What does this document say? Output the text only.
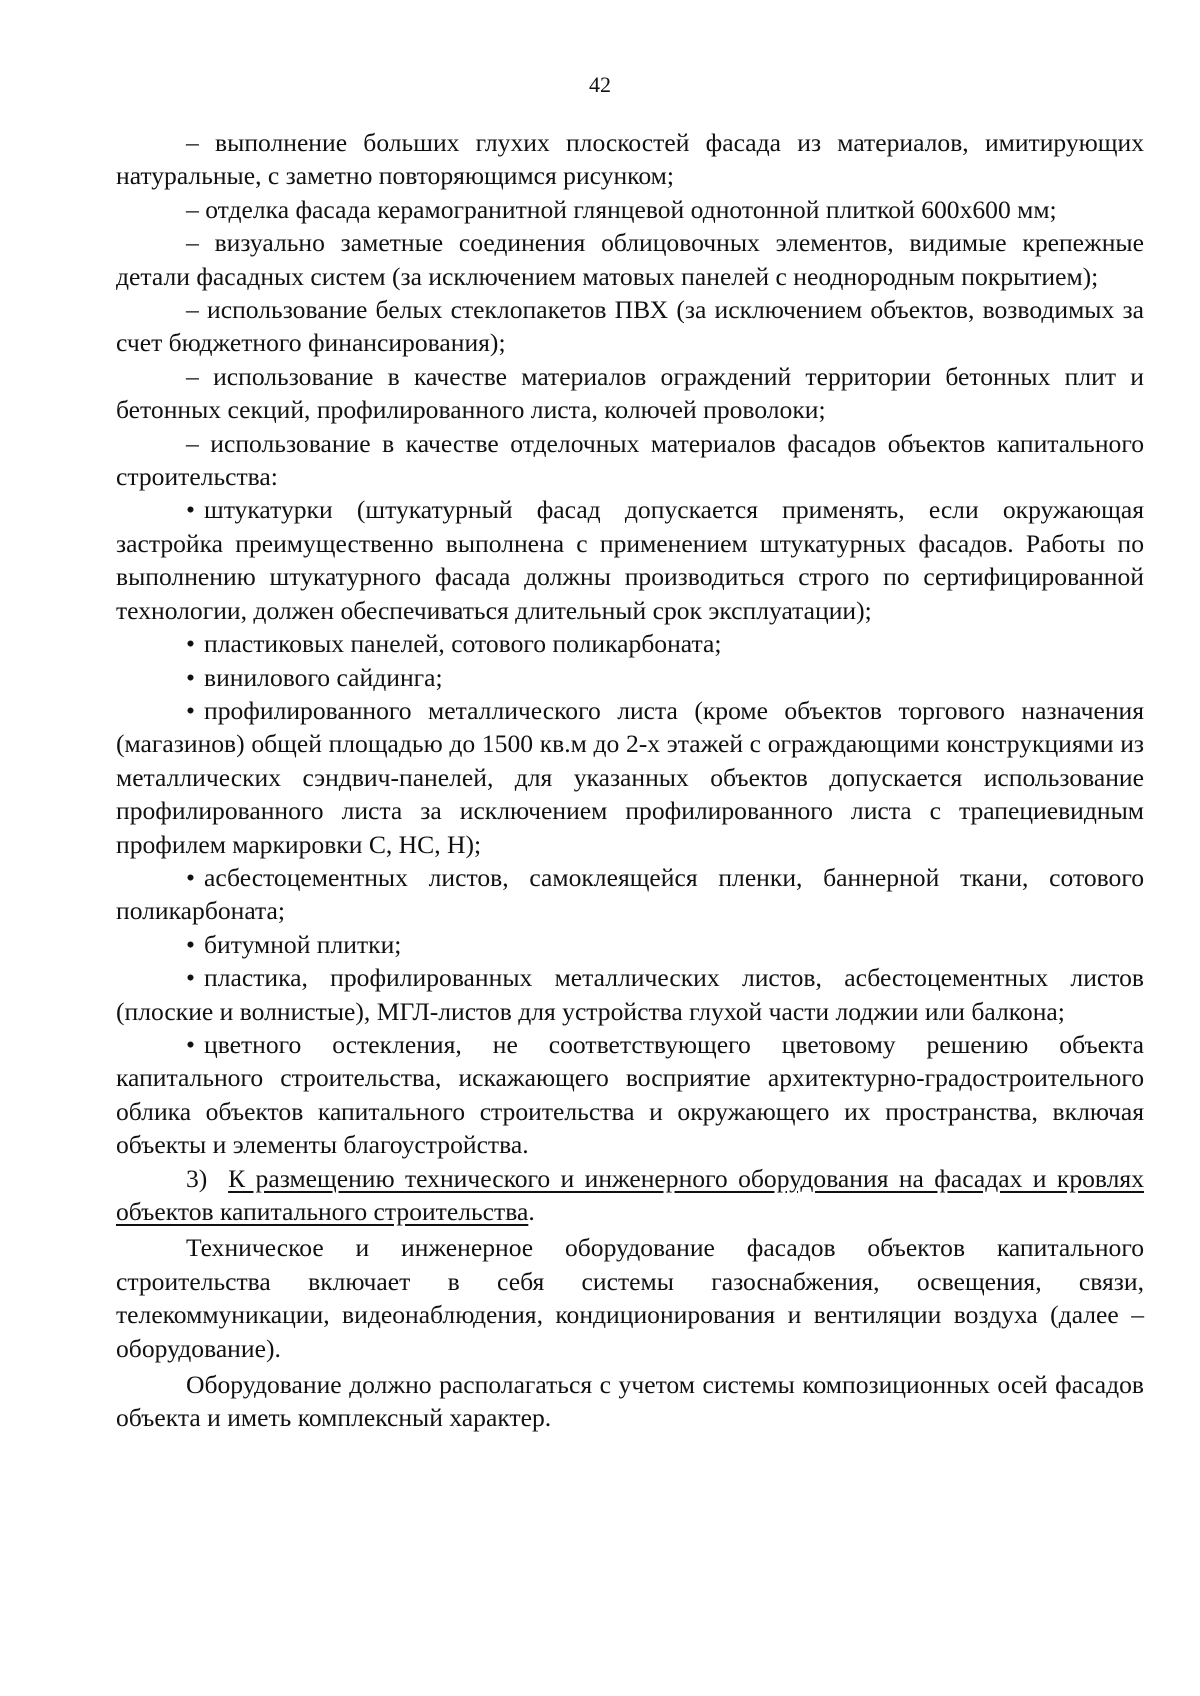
42

– выполнение больших глухих плоскостей фасада из материалов, имитирующих натуральные, с заметно повторяющимся рисунком;

– отделка фасада керамогранитной глянцевой однотонной плиткой 600х600 мм;

– визуально заметные соединения облицовочных элементов, видимые крепежные детали фасадных систем (за исключением матовых панелей с неоднородным покрытием);

– использование белых стеклопакетов ПВХ (за исключением объектов, возводимых за счет бюджетного финансирования);

– использование в качестве материалов ограждений территории бетонных плит и бетонных секций, профилированного листа, колючей проволоки;

– использование в качестве отделочных материалов фасадов объектов капитального строительства:

• штукатурки (штукатурный фасад допускается применять, если окружающая застройка преимущественно выполнена с применением штукатурных фасадов. Работы по выполнению штукатурного фасада должны производиться строго по сертифицированной технологии, должен обеспечиваться длительный срок эксплуатации);

• пластиковых панелей, сотового поликарбоната;

• винилового сайдинга;

• профилированного металлического листа (кроме объектов торгового назначения (магазинов) общей площадью до 1500 кв.м до 2-х этажей с ограждающими конструкциями из металлических сэндвич-панелей, для указанных объектов допускается использование профилированного листа за исключением профилированного листа с трапециевидным профилем маркировки С, НС, Н);

• асбестоцементных листов, самоклеящейся пленки, баннерной ткани, сотового поликарбоната;

• битумной плитки;

• пластика, профилированных металлических листов, асбестоцементных листов (плоские и волнистые), МГЛ-листов для устройства глухой части лоджии или балкона;

• цветного остекления, не соответствующего цветовому решению объекта капитального строительства, искажающего восприятие архитектурно-градостроительного облика объектов капитального строительства и окружающего их пространства, включая объекты и элементы благоустройства.

3) К размещению технического и инженерного оборудования на фасадах и кровлях объектов капитального строительства.

Техническое и инженерное оборудование фасадов объектов капитального строительства включает в себя системы газоснабжения, освещения, связи, телекоммуникации, видеонаблюдения, кондиционирования и вентиляции воздуха (далее – оборудование).

Оборудование должно располагаться с учетом системы композиционных осей фасадов объекта и иметь комплексный характер.
